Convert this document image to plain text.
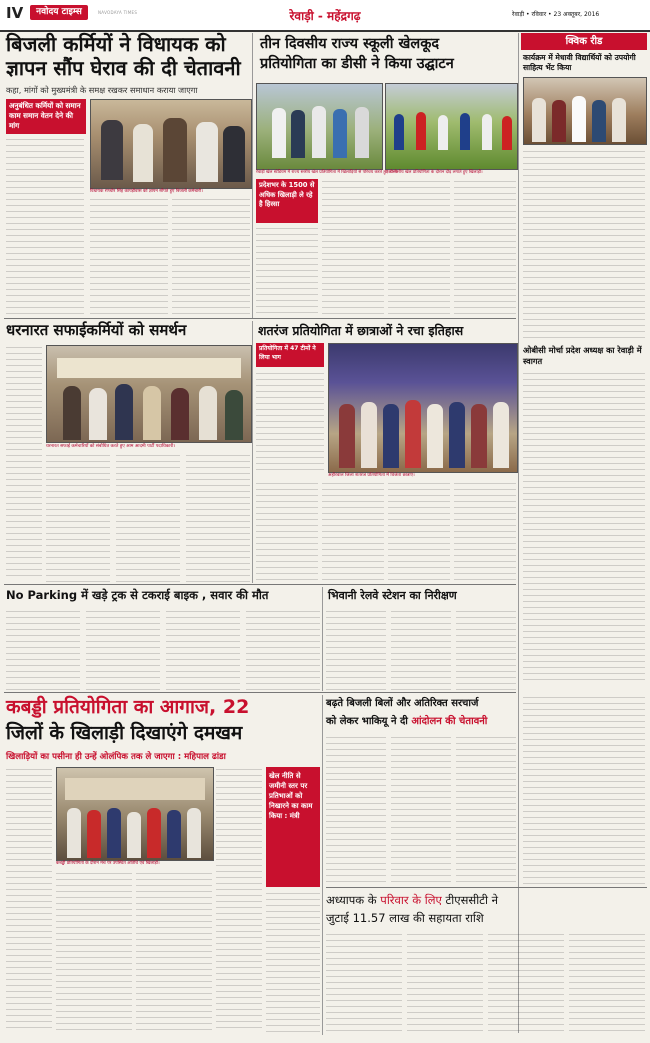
IV	नवोदय टाइम्स	NAVODAYA TIMES	रेवाड़ी - महेंद्रगढ़	रेवाड़ी • रविवार • 23 अक्तूबर, 2016
बिजली कर्मियों ने विधायक को
ज्ञापन सौंप घेराव की दी चेतावनी
कहा, मांगों को मुख्यमंत्री के समक्ष रखकर समाधान कराया जाएगा
अनुबंधित कर्मियों को समान काम समान वेतन देने की मांग
विधायक रणधीर सिंह कापड़ीवास को ज्ञापन सौंपते हुए बिजली कर्मचारी।
तीन दिवसीय राज्य स्कूली खेलकूद
प्रतियोगिता का डीसी ने किया उद्घाटन
रेवाड़ी खेल स्टेडियम में राज्य स्तरीय खेल प्रतियोगिता में खिलाड़ियों से परिचय करते हुए डीसी।
राज्य स्तरीय खेल प्रतियोगिता के दौरान दौड़ लगाते हुए खिलाड़ी।
प्रदेशभर के 1500 से अधिक खिलाड़ी ले रहे है हिस्सा
क्विक रीड
कार्यक्रम में मेधावी विद्यार्थियों को उपयोगी साहित्य भेंट किया
ओबीसी मोर्चा प्रदेश अध्यक्ष का रेवाड़ी में स्वागत
धरनारत सफाईकर्मियों को समर्थन
धरनारत सफाई कर्मचारियों को संबोधित करते हुए आम आदमी पार्टी पदाधिकारी।
शतरंज प्रतियोगिता में छात्राओं ने रचा इतिहास
प्रतियोगिता में 47 टीमों ने लिया भाग
अहीरवाल जिला शतरंज प्रतियोगिता में विजेता छात्राएं।
No Parking में खड़े ट्रक से टकराई बाइक , सवार की मौत	भिवानी रेलवे स्टेशन का निरीक्षण
कबड्डी प्रतियोगिता का आगाज, 22
जिलों के खिलाड़ी दिखाएंगे दमखम
खिलाड़ियों का पसीना ही उन्हें ओलंपिक तक ले जाएगा : महिपाल ढांडा
कबड्डी प्रतियोगिता के दौरान मंच पर उपस्थित अतिथि एवं खिलाड़ी।
खेल नीति से जमीनी स्तर पर प्रतिभाओं को निखारने का काम किया : मंत्री
बढ़ते बिजली बिलों और अतिरिक्त सरचार्ज
को लेकर भाकियू ने दी आंदोलन की चेतावनी
अध्यापक के परिवार के लिए टीएससीटी ने
जुटाई 11.57 लाख की सहायता राशि
